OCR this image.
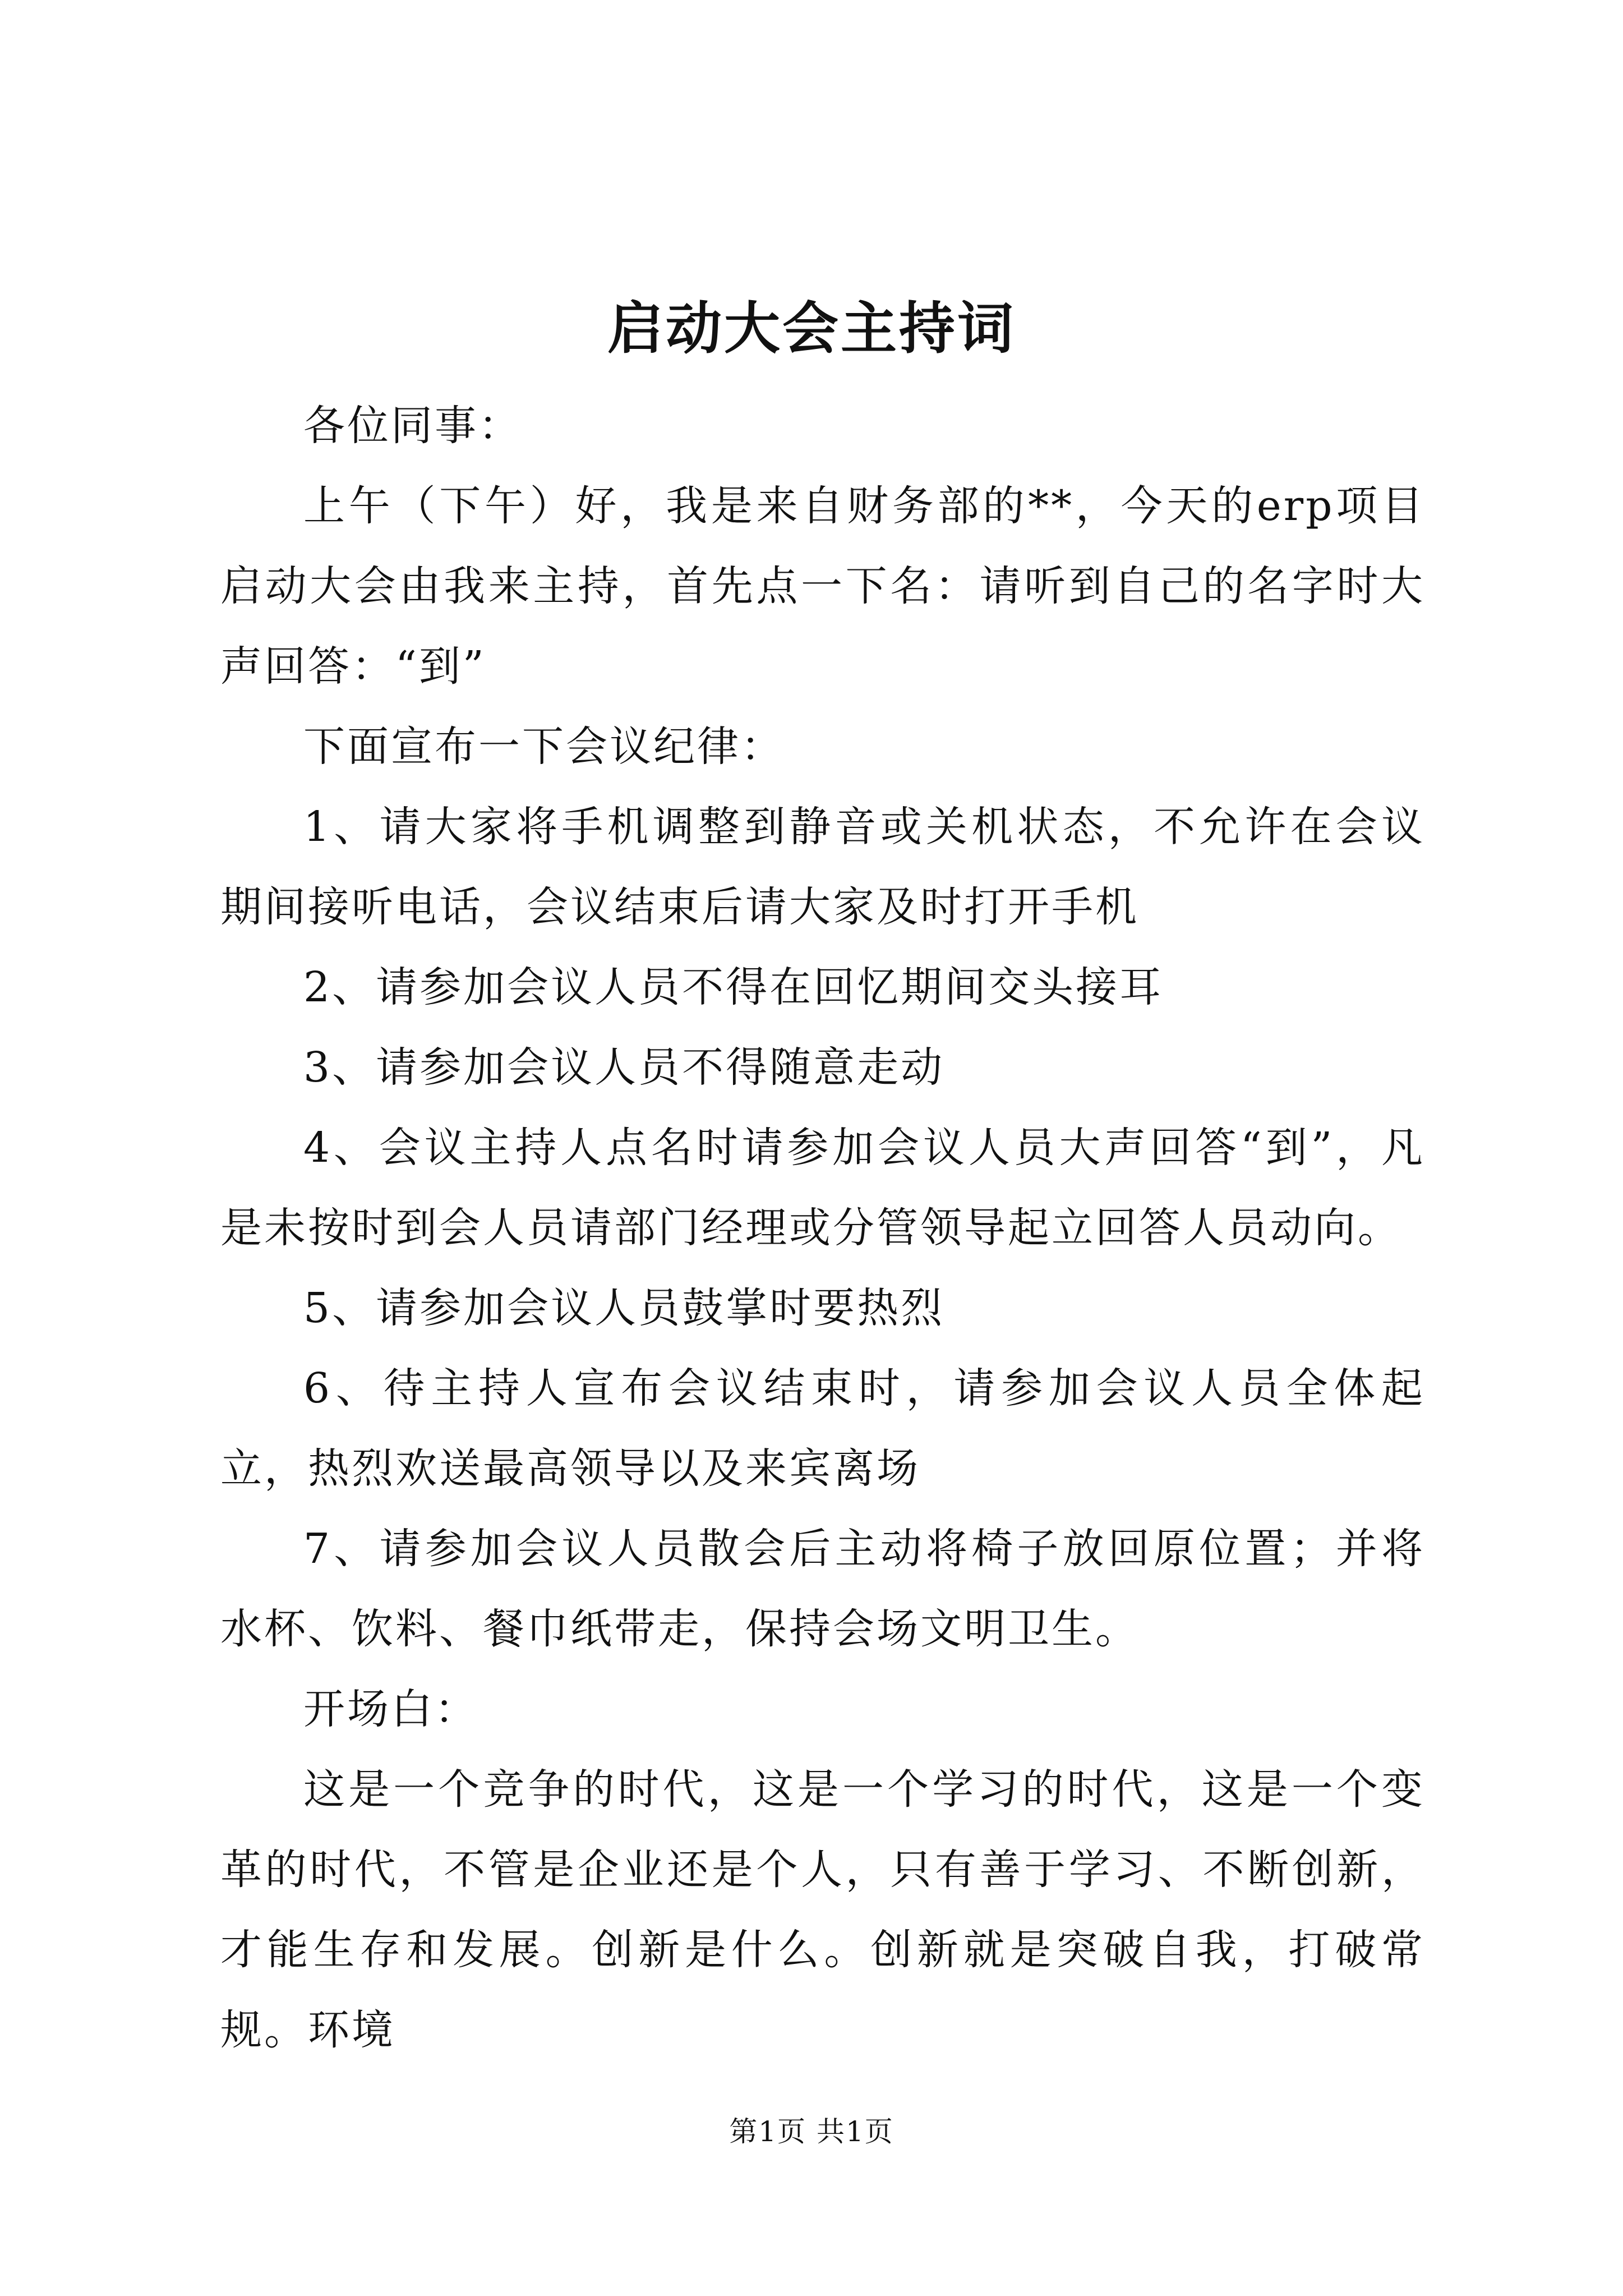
启动大会主持词

各位同事：

上午（下午）好，我是来自财务部的**，今天的erp项目启动大会由我来主持，首先点一下名：请听到自己的名字时大声回答：“到”

下面宣布一下会议纪律：

1、请大家将手机调整到静音或关机状态，不允许在会议期间接听电话，会议结束后请大家及时打开手机

2、请参加会议人员不得在回忆期间交头接耳

3、请参加会议人员不得随意走动

4、会议主持人点名时请参加会议人员大声回答“到”，凡是未按时到会人员请部门经理或分管领导起立回答人员动向。

5、请参加会议人员鼓掌时要热烈

6、待主持人宣布会议结束时，请参加会议人员全体起立，热烈欢送最高领导以及来宾离场

7、请参加会议人员散会后主动将椅子放回原位置；并将水杯、饮料、餐巾纸带走，保持会场文明卫生。

开场白：

这是一个竞争的时代，这是一个学习的时代，这是一个变革的时代，不管是企业还是个人，只有善于学习、不断创新，才能生存和发展。创新是什么。创新就是突破自我，打破常规。环境

第1页 共1页
